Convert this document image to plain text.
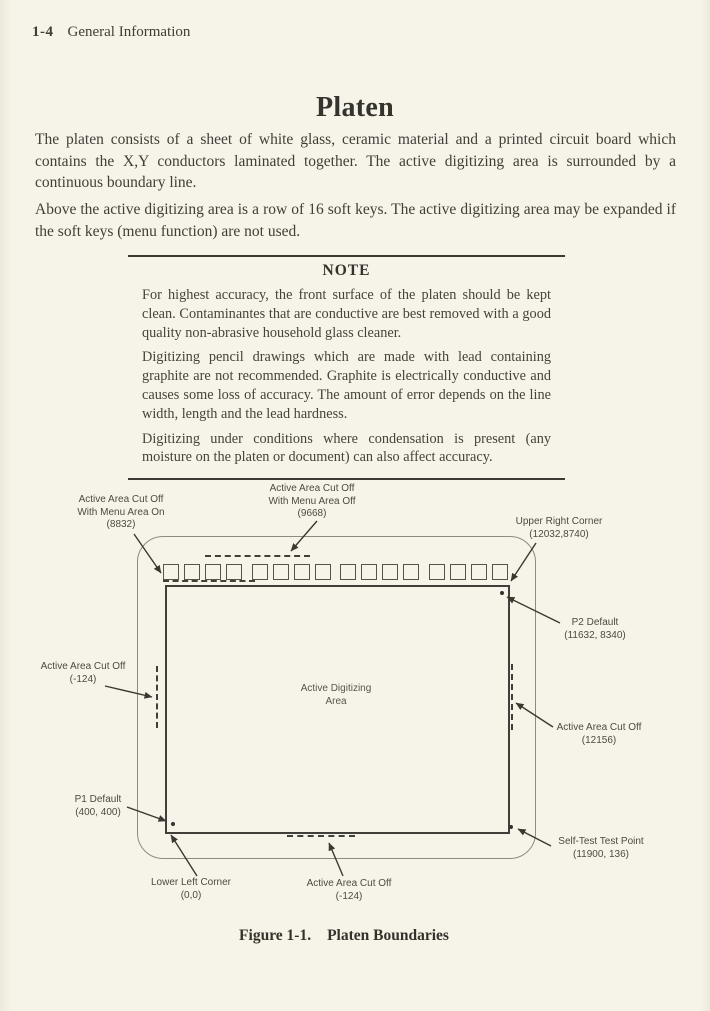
1-4 General Information
Platen
The platen consists of a sheet of white glass, ceramic material and a printed circuit board which contains the X,Y conductors laminated together. The active digitizing area is surrounded by a continuous boundary line.
Above the active digitizing area is a row of 16 soft keys. The active digitizing area may be expanded if the soft keys (menu function) are not used.
NOTE
For highest accuracy, the front surface of the platen should be kept clean. Contaminantes that are conductive are best removed with a good quality non-abrasive household glass cleaner.
Digitizing pencil drawings which are made with lead containing graphite are not recommended. Graphite is electrically conductive and causes some loss of accuracy. The amount of error depends on the line width, length and the lead hardness.
Digitizing under conditions where condensation is present (any moisture on the platen or document) can also affect accuracy.
Active Area Cut Off
With Menu Area On
(8832)
Active Area Cut Off
With Menu Area Off
(9668)
Upper Right Corner
(12032,8740)
P2 Default
(11632, 8340)
Active Area Cut Off
(-124)
Active Area Cut Off
(12156)
P1 Default
(400, 400)
Lower Left Corner
(0,0)
Active Area Cut Off
(-124)
Self-Test Test Point
(11900, 136)
Active Digitizing
Area
Figure 1-1. Platen Boundaries
